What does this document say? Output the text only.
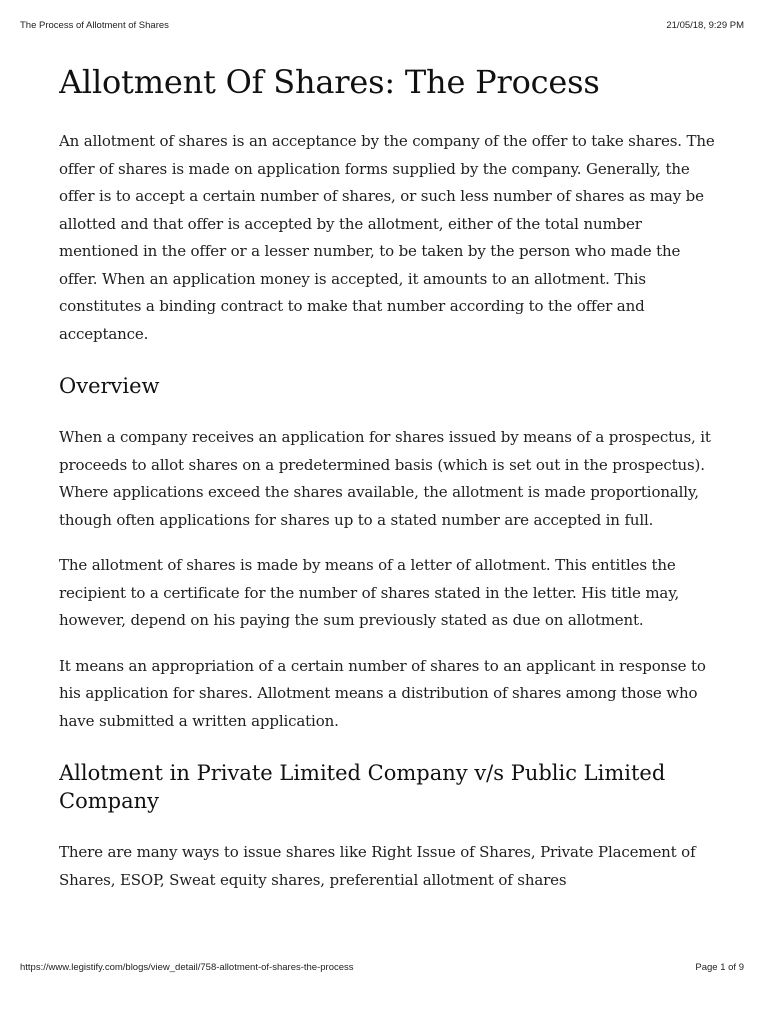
The Process of Allotment of Shares	21/05/18, 9:29 PM
Allotment Of Shares: The Process

An allotment of shares is an acceptance by the company of the offer to take shares. The offer of shares is made on application forms supplied by the company. Generally, the offer is to accept a certain number of shares, or such less number of shares as may be allotted and that offer is accepted by the allotment, either of the total number mentioned in the offer or a lesser number, to be taken by the person who made the offer. When an application money is accepted, it amounts to an allotment. This constitutes a binding contract to make that number according to the offer and acceptance.

Overview

When a company receives an application for shares issued by means of a prospectus, it proceeds to allot shares on a predetermined basis (which is set out in the prospectus). Where applications exceed the shares available, the allotment is made proportionally, though often applications for shares up to a stated number are accepted in full.

The allotment of shares is made by means of a letter of allotment. This entitles the recipient to a certificate for the number of shares stated in the letter. His title may, however, depend on his paying the sum previously stated as due on allotment.

It means an appropriation of a certain number of shares to an applicant in response to his application for shares. Allotment means a distribution of shares among those who have submitted a written application.

Allotment in Private Limited Company v/s Public Limited Company

There are many ways to issue shares like Right Issue of Shares, Private Placement of Shares, ESOP, Sweat equity shares, preferential allotment of shares

https://www.legistify.com/blogs/view_detail/758-allotment-of-shares-the-process	Page 1 of 9
